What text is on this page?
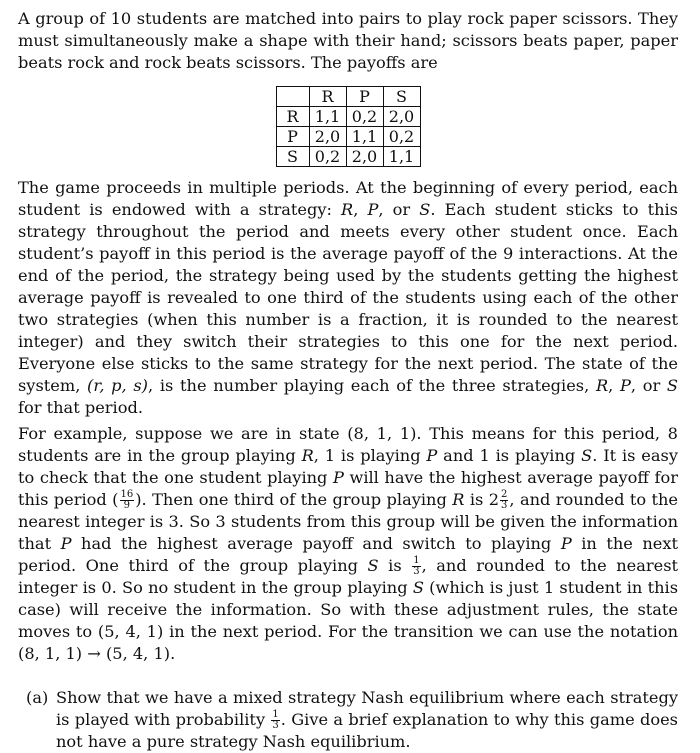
A group of 10 students are matched into pairs to play rock paper scissors. They must simultaneously make a shape with their hand; scissors beats paper, paper beats rock and rock beats scissors. The payoffs are

	R	P	S
R	1,1	0,2	2,0
P	2,0	1,1	0,2
S	0,2	2,0	1,1

The game proceeds in multiple periods. At the beginning of every period, each student is endowed with a strategy: R, P, or S. Each student sticks to this strategy throughout the period and meets every other student once. Each student’s payoff in this period is the average payoff of the 9 interactions. At the end of the period, the strategy being used by the students getting the highest average payoff is revealed to one third of the students using each of the other two strategies (when this number is a fraction, it is rounded to the nearest integer) and they switch their strategies to this one for the next period. Everyone else sticks to the same strategy for the next period. The state of the system, (r, p, s), is the number playing each of the three strategies, R, P, or S for that period.

For example, suppose we are in state (8, 1, 1). This means for this period, 8 students are in the group playing R, 1 is playing P and 1 is playing S. It is easy to check that the one student playing P will have the highest average payoff for this period ( $\frac{16}{9}$ ). Then one third of the group playing R is $2 \frac{2}{3}$ , and rounded to the nearest integer is 3. So 3 students from this group will be given the information that P had the highest average payoff and switch to playing P in the next period. One third of the group playing S is $\frac{1}{3}$ , and rounded to the nearest integer is 0. So no student in the group playing S (which is just 1 student in this case) will receive the information. So with these adjustment rules, the state moves to (5, 4, 1) in the next period. For the transition we can use the notation (8, 1, 1) → (5, 4, 1).

(a) Show that we have a mixed strategy Nash equilibrium where each strategy is played with probability $\frac{1}{3}$ . Give a brief explanation to why this game does not have a pure strategy Nash equilibrium.
